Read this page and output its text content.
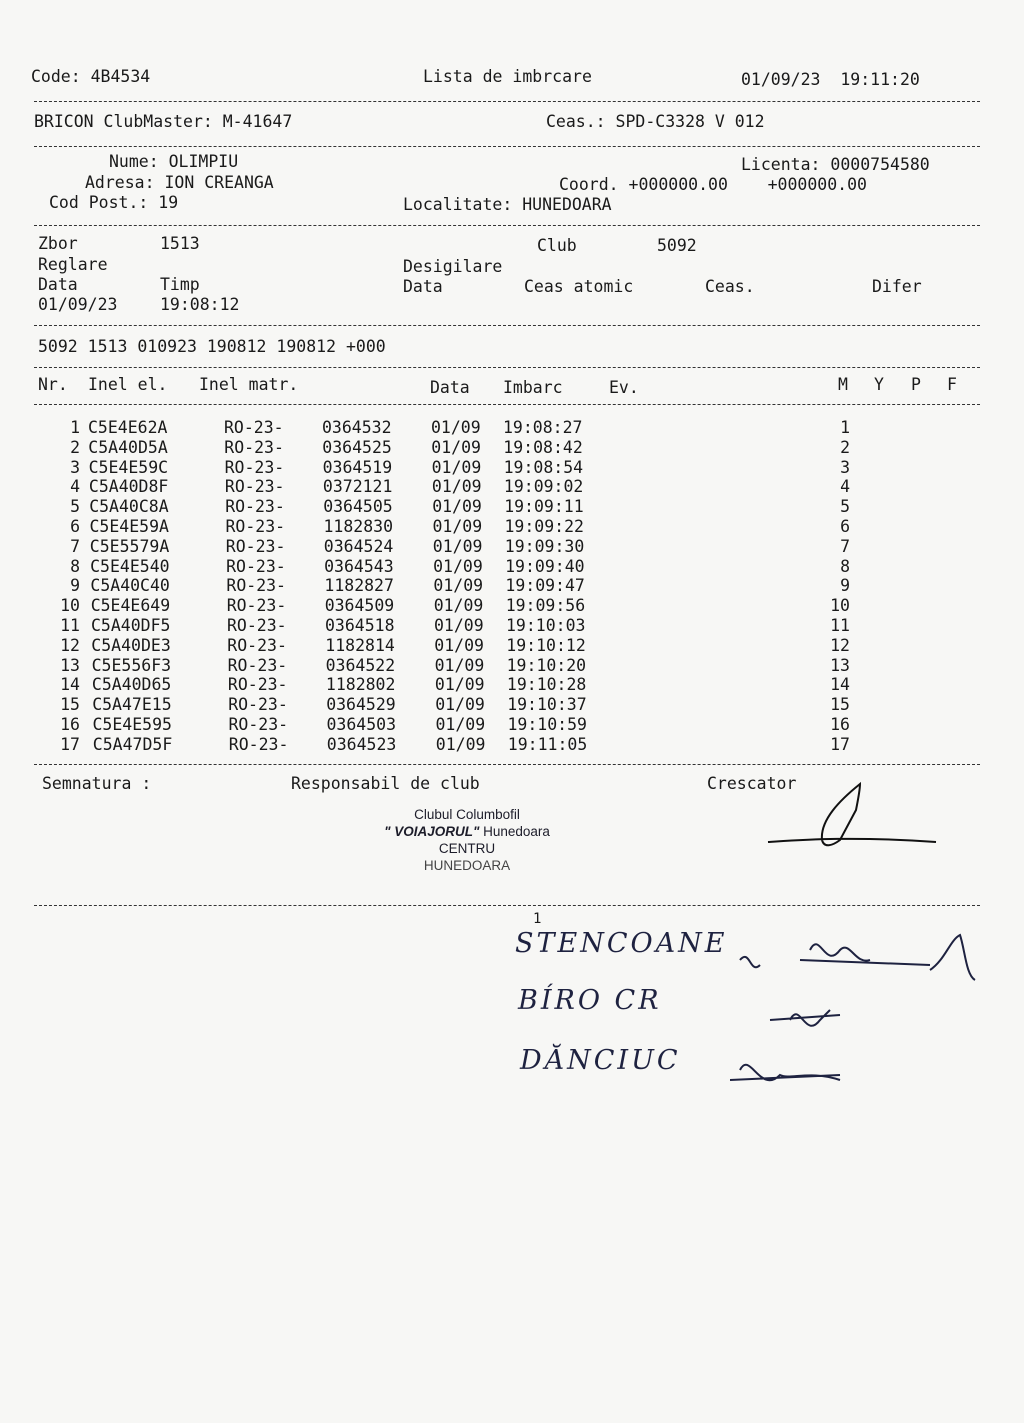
Code: 4B4534	Lista de imbrcare	01/09/23  19:11:20
BRICON ClubMaster: M-41647	Ceas.: SPD-C3328 V 012
Nume: OLIMPIU	Licenta: 0000754580
Adresa: ION CREANGA	Coord. +000000.00    +000000.00
Cod Post.: 19	Localitate: HUNEDOARA
Zbor	1513	Club	5092
Reglare	Desigilare
Data	Timp	Data	Ceas atomic	Ceas.	Difer
01/09/23	19:08:12
5092 1513 010923 190812 190812 +000
Nr. Inel el. Inel matr.	Data Imbarc	Ev.	M Y P F
1 C5E4E62A	RO-23- 0364532 01/09 19:08:27	1
2 C5A40D5A	RO-23- 0364525 01/09 19:08:42	2
3 C5E4E59C	RO-23- 0364519 01/09 19:08:54	3
4 C5A40D8F	RO-23- 0372121 01/09 19:09:02	4
5 C5A40C8A	RO-23- 0364505 01/09 19:09:11	5
6 C5E4E59A	RO-23- 1182830 01/09 19:09:22	6
7 C5E5579A	RO-23- 0364524 01/09 19:09:30	7
8 C5E4E540	RO-23- 0364543 01/09 19:09:40	8
9 C5A40C40	RO-23- 1182827 01/09 19:09:47	9
10 C5E4E649	RO-23- 0364509 01/09 19:09:56	10
11 C5A40DF5	RO-23- 0364518 01/09 19:10:03	11
12 C5A40DE3	RO-23- 1182814 01/09 19:10:12	12
13 C5E556F3	RO-23- 0364522 01/09 19:10:20	13
14 C5A40D65	RO-23- 1182802 01/09 19:10:28	14
15 C5A47E15	RO-23- 0364529 01/09 19:10:37	15
16 C5E4E595	RO-23- 0364503 01/09 19:10:59	16
17 C5A47D5F	RO-23- 0364523 01/09 19:11:05	17
Semnatura :	Responsabil de club	Crescator
Clubul Columbofil
" VOIAJORUL" Hunedoara
CENTRU
HUNEDOARA
1
STENCOANE
BÍRO CR
DĂNCIUC
